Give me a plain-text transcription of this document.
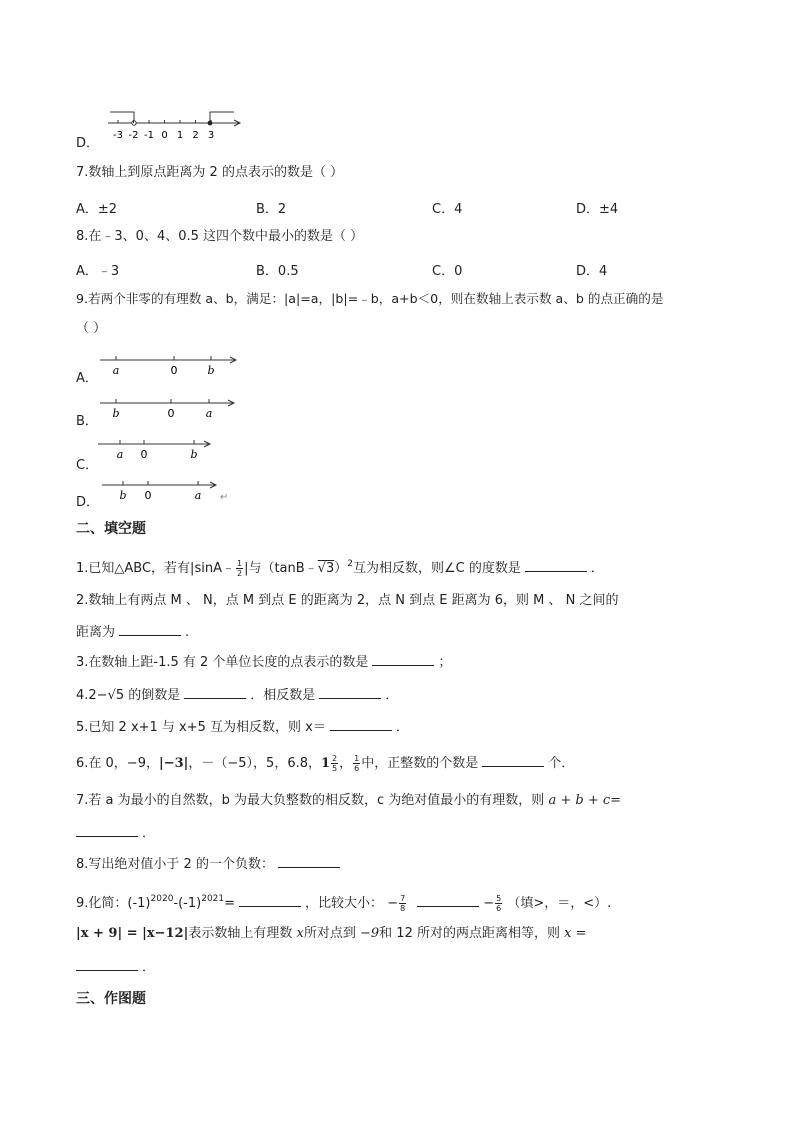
D．
-3 -2 -1 0 1 2 3
7.数轴上到原点距离为 2 的点表示的数是（ ）
A．±2	B．2	C．4	D．±4
8.在﹣3、0、4、0.5 这四个数中最小的数是（ ）
A．﹣3	B．0.5	C．0	D．4
9.若两个非零的有理数 a、b，满足：|a|=a，|b|=﹣b，a+b＜0，则在数轴上表示数 a、b 的点正确的是
（ ）
A．
a	0	b
B．
b	0	a
C．
a 0	b
D． b 0	a ↵
二、填空题
1.已知△ABC，若有|sinA﹣ $\frac{1}{2}$ |与（tanB﹣√3）$^2$互为相反数，则∠C 的度数是	．
2.数轴上有两点 M 、 N，点 M 到点 E 的距离为 2，点 N 到点 E 距离为 6，则 M 、 N 之间的
距离为	.
3.在数轴上距-1.5 有 2 个单位长度的点表示的数是	；
4.2−√5 的倒数是	．相反数是	．
5.已知 2 x+1 与 x+5 互为相反数，则 x＝	．
6.在 0，−9，|−3|，－（−5），5，6.8，$1 \frac{2}{5}$ ， $\frac{1}{6}$ 中，正整数的个数是	个．
7.若 a 为最小的自然数，b 为最大负整数的相反数，c 为绝对值最小的有理数，则 a + b + c=
．
8.写出绝对值小于 2 的一个负数：
9.化简：$(-1)^{2020}-(-1)^{2021}=$	，比较大小： − $\frac{7}{8}$	− $\frac{5}{6}$ （填>，＝，<）.
|x + 9| = |x−12|表示数轴上有理数 x所对点到 −9和 12 所对的两点距离相等，则 x =
．
三、作图题
